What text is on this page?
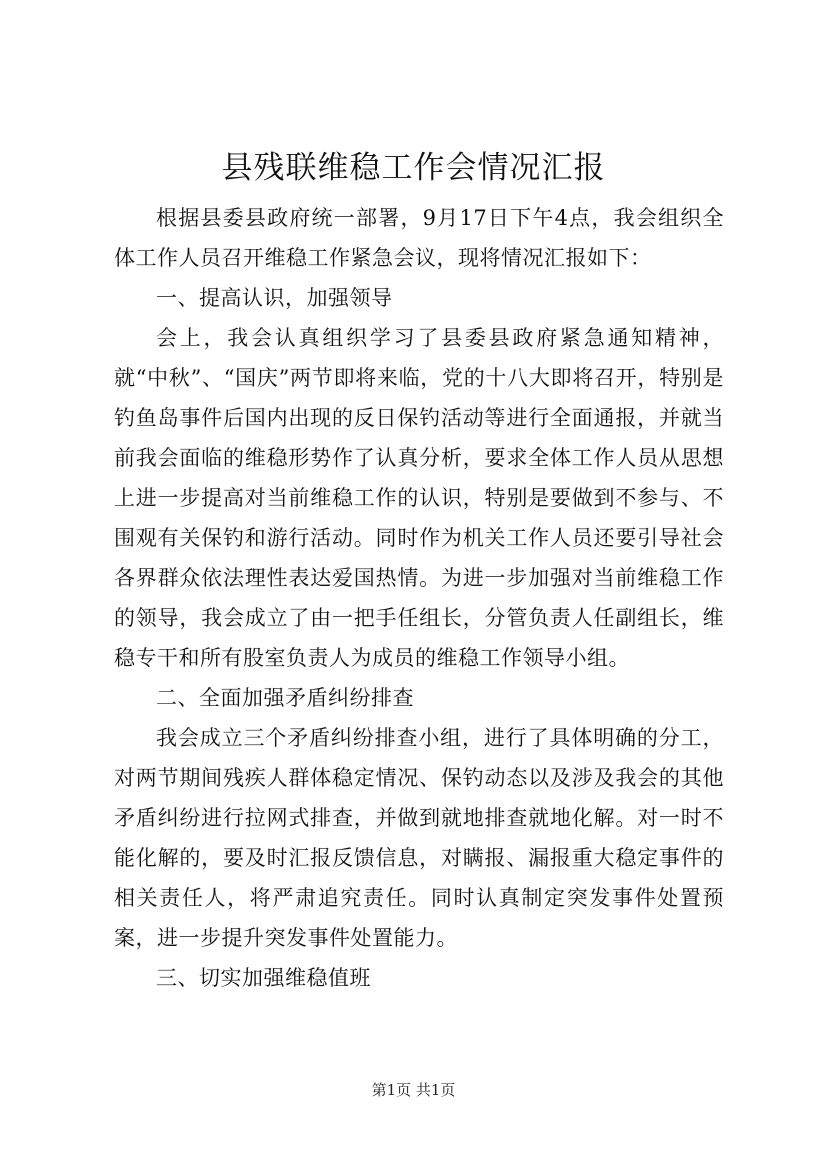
县残联维稳工作会情况汇报

根据县委县政府统一部署，9月17日下午4点，我会组织全体工作人员召开维稳工作紧急会议，现将情况汇报如下：

一、提高认识，加强领导

会上，我会认真组织学习了县委县政府紧急通知精神，就“中秋”、“国庆”两节即将来临，党的十八大即将召开，特别是钓鱼岛事件后国内出现的反日保钓活动等进行全面通报，并就当前我会面临的维稳形势作了认真分析，要求全体工作人员从思想上进一步提高对当前维稳工作的认识，特别是要做到不参与、不围观有关保钓和游行活动。同时作为机关工作人员还要引导社会各界群众依法理性表达爱国热情。为进一步加强对当前维稳工作的领导，我会成立了由一把手任组长，分管负责人任副组长，维稳专干和所有股室负责人为成员的维稳工作领导小组。

二、全面加强矛盾纠纷排查

我会成立三个矛盾纠纷排查小组，进行了具体明确的分工，对两节期间残疾人群体稳定情况、保钓动态以及涉及我会的其他矛盾纠纷进行拉网式排查，并做到就地排查就地化解。对一时不能化解的，要及时汇报反馈信息，对瞒报、漏报重大稳定事件的相关责任人，将严肃追究责任。同时认真制定突发事件处置预案，进一步提升突发事件处置能力。

三、切实加强维稳值班

第1页 共1页
